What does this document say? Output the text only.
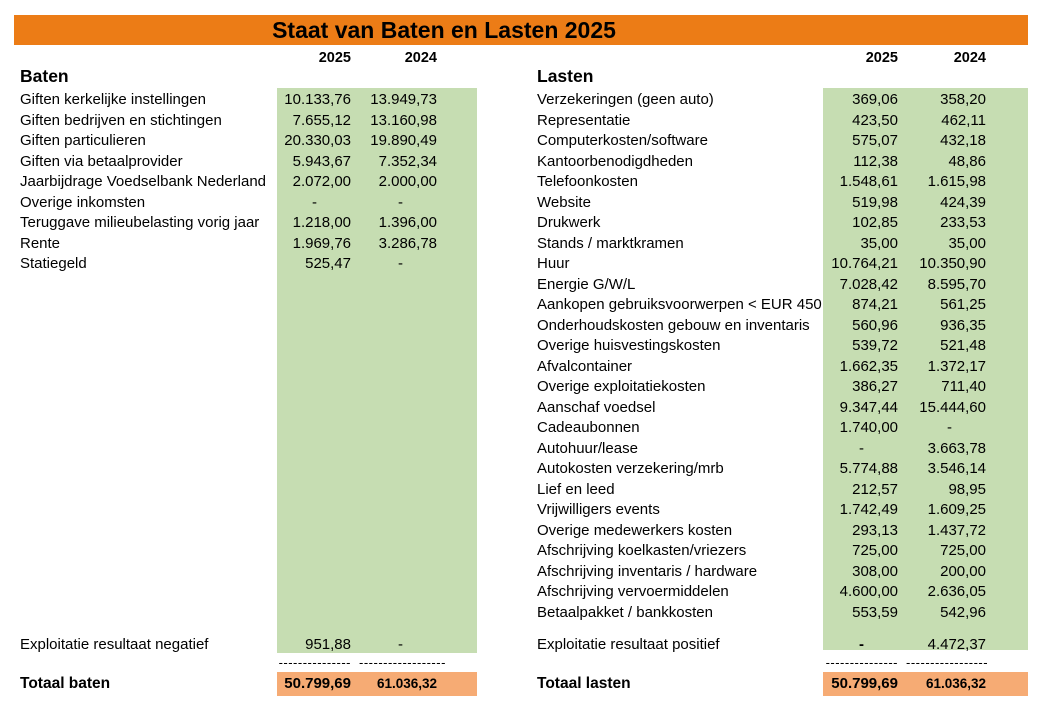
Staat van Baten en Lasten 2025
2025	2024
Baten
Giften kerkelijke instellingen	10.133,76	13.949,73
Giften bedrijven en stichtingen	7.655,12	13.160,98
Giften particulieren	20.330,03	19.890,49
Giften via betaalprovider	5.943,67	7.352,34
Jaarbijdrage Voedselbank Nederland	2.072,00	2.000,00
Overige inkomsten	-	-
Teruggave milieubelasting vorig jaar	1.218,00	1.396,00
Rente	1.969,76	3.286,78
Statiegeld	525,47	-
Exploitatie resultaat negatief	951,88	-
--------------- ------------------
Totaal baten	50.799,69	61.036,32
2025	2024
Lasten
Verzekeringen (geen auto)	369,06	358,20
Representatie	423,50	462,11
Computerkosten/software	575,07	432,18
Kantoorbenodigdheden	112,38	48,86
Telefoonkosten	1.548,61	1.615,98
Website	519,98	424,39
Drukwerk	102,85	233,53
Stands / marktkramen	35,00	35,00
Huur	10.764,21	10.350,90
Energie G/W/L	7.028,42	8.595,70
Aankopen gebruiksvoorwerpen < EUR 450	874,21	561,25
Onderhoudskosten gebouw en inventaris	560,96	936,35
Overige huisvestingskosten	539,72	521,48
Afvalcontainer	1.662,35	1.372,17
Overige exploitatiekosten	386,27	711,40
Aanschaf voedsel	9.347,44	15.444,60
Cadeaubonnen	1.740,00	-
Autohuur/lease	-	3.663,78
Autokosten verzekering/mrb	5.774,88	3.546,14
Lief en leed	212,57	98,95
Vrijwilligers events	1.742,49	1.609,25
Overige medewerkers kosten	293,13	1.437,72
Afschrijving koelkasten/vriezers	725,00	725,00
Afschrijving inventaris / hardware	308,00	200,00
Afschrijving vervoermiddelen	4.600,00	2.636,05
Betaalpakket / bankkosten	553,59	542,96
Exploitatie resultaat positief	-	4.472,37
--------------- -----------------
Totaal lasten	50.799,69	61.036,32
